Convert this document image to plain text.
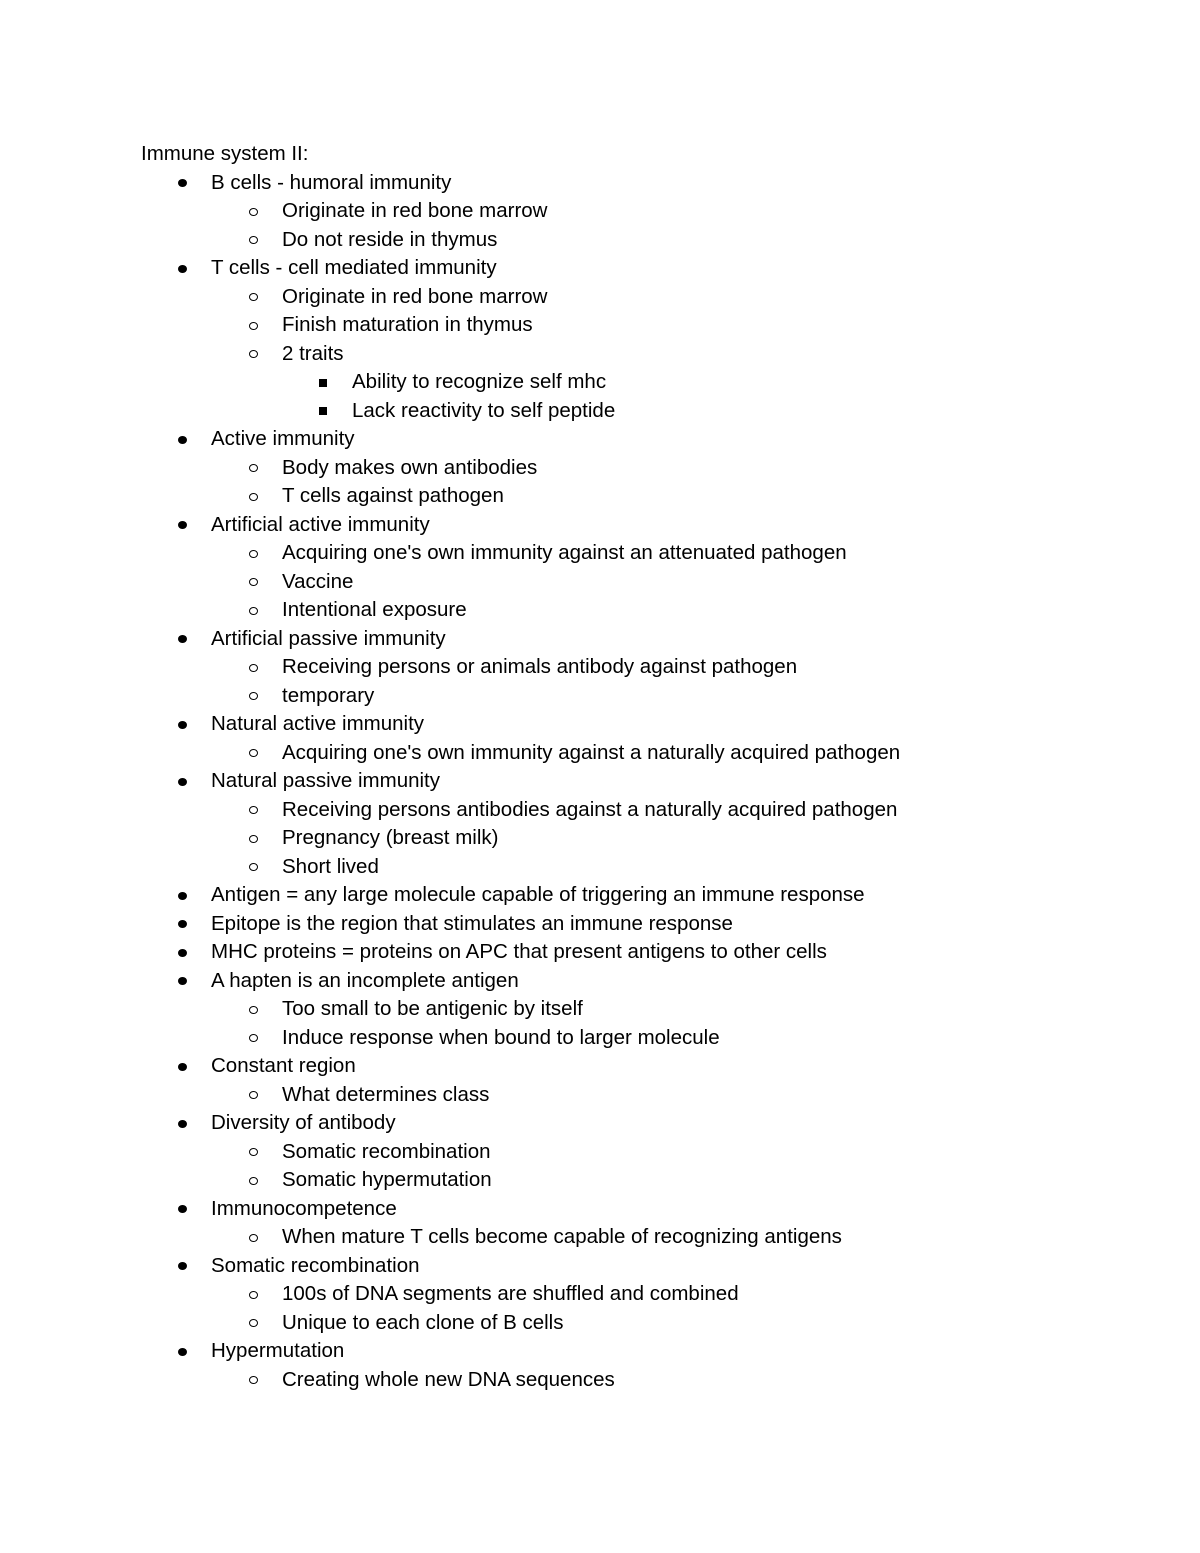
Immune system II:
B cells - humoral immunity
Originate in red bone marrow
Do not reside in thymus
T cells - cell mediated immunity
Originate in red bone marrow
Finish maturation in thymus
2 traits
Ability to recognize self mhc
Lack reactivity to self peptide
Active immunity
Body makes own antibodies
T cells against pathogen
Artificial active immunity
Acquiring one's own immunity against an attenuated pathogen
Vaccine
Intentional exposure
Artificial passive immunity
Receiving persons or animals antibody against pathogen
temporary
Natural active immunity
Acquiring one's own immunity against a naturally acquired pathogen
Natural passive immunity
Receiving persons antibodies against a naturally acquired pathogen
Pregnancy (breast milk)
Short lived
Antigen = any large molecule capable of triggering an immune response
Epitope is the region that stimulates an immune response
MHC proteins = proteins on APC that present antigens to other cells
A hapten is an incomplete antigen
Too small to be antigenic by itself
Induce response when bound to larger molecule
Constant region
What determines class
Diversity of antibody
Somatic recombination
Somatic hypermutation
Immunocompetence
When mature T cells become capable of recognizing antigens
Somatic recombination
100s of DNA segments are shuffled and combined
Unique to each clone of B cells
Hypermutation
Creating whole new DNA sequences
